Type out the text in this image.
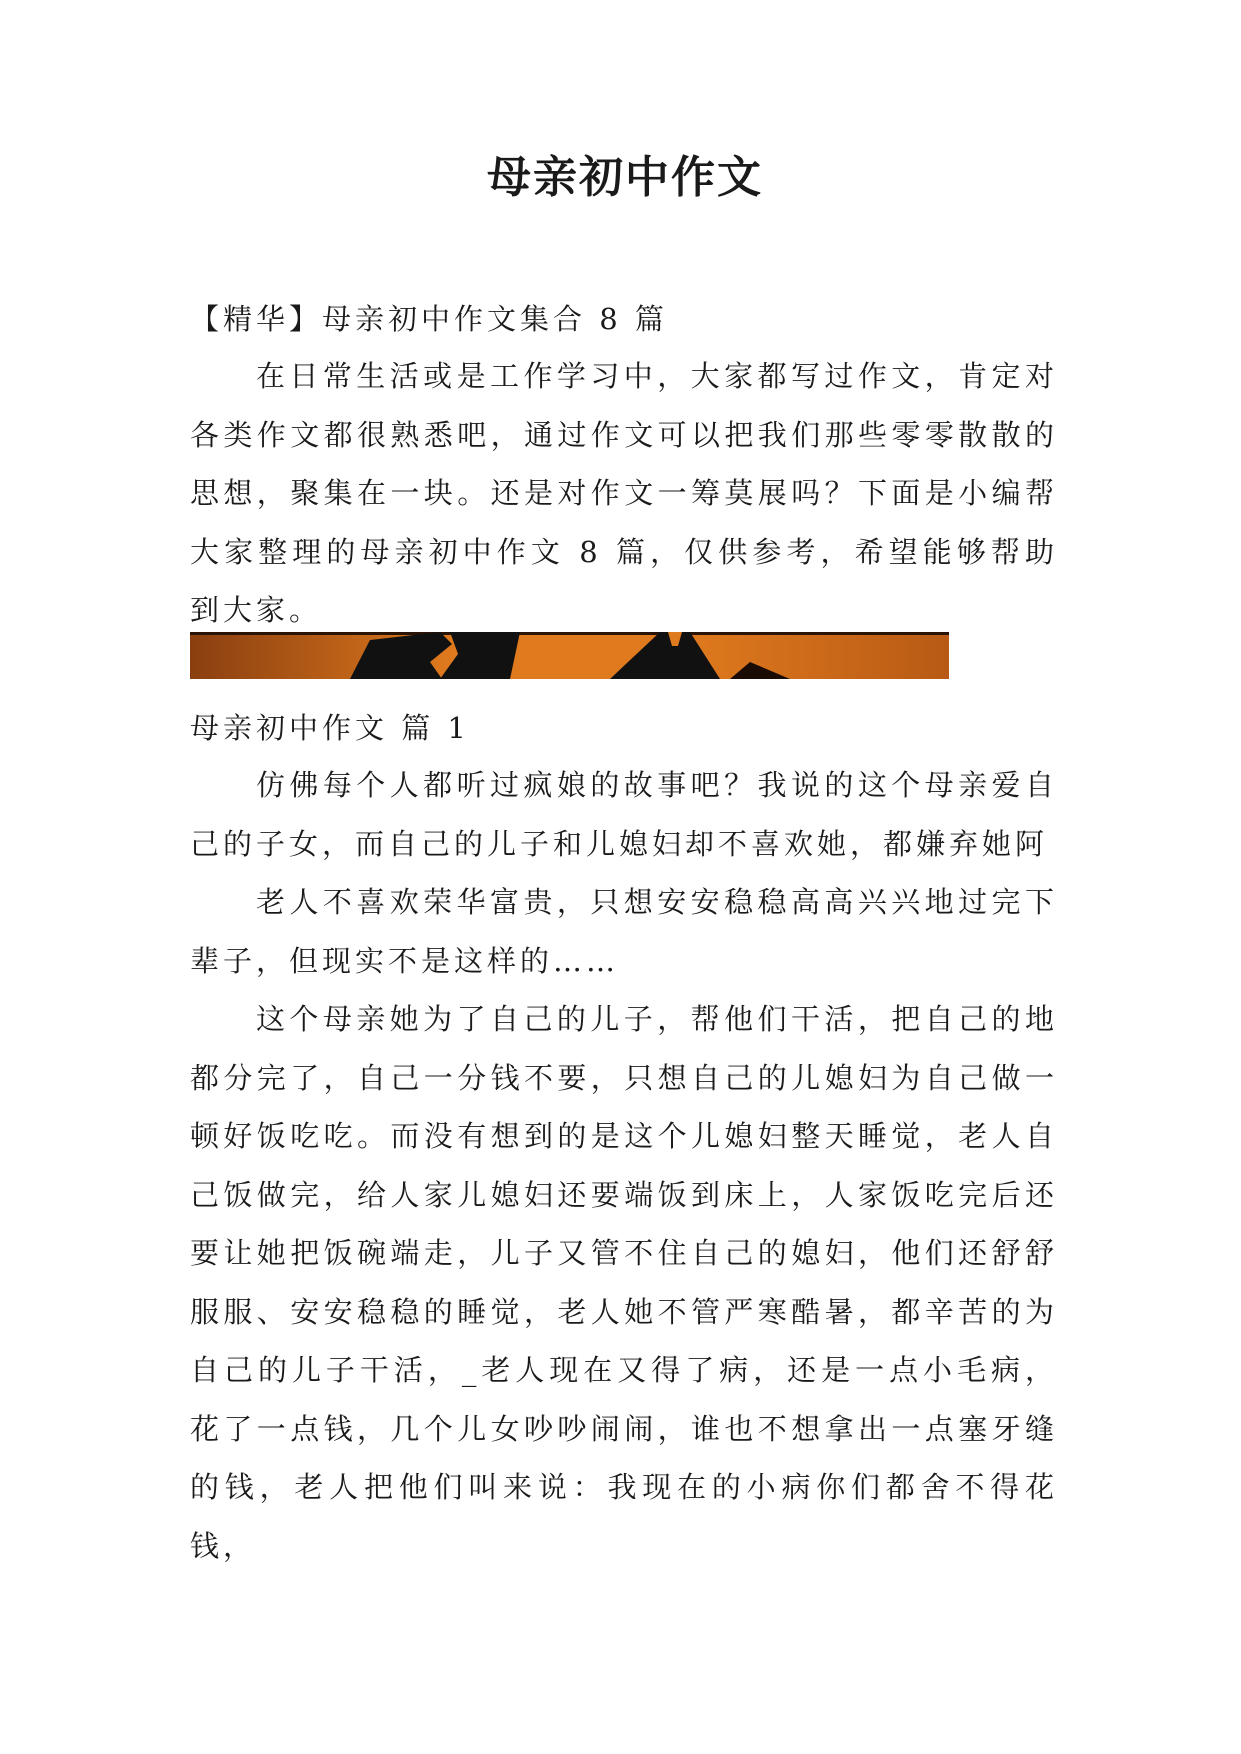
母亲初中作文
【精华】母亲初中作文集合 8 篇

在日常生活或是工作学习中，大家都写过作文，肯定对各类作文都很熟悉吧，通过作文可以把我们那些零零散散的思想，聚集在一块。还是对作文一筹莫展吗？下面是小编帮大家整理的母亲初中作文 8 篇，仅供参考，希望能够帮助到大家。

母亲初中作文 篇 1

仿佛每个人都听过疯娘的故事吧？我说的这个母亲爱自己的子女，而自己的儿子和儿媳妇却不喜欢她，都嫌弃她阿

老人不喜欢荣华富贵，只想安安稳稳高高兴兴地过完下辈子，但现实不是这样的……

这个母亲她为了自己的儿子，帮他们干活，把自己的地都分完了，自己一分钱不要，只想自己的儿媳妇为自己做一顿好饭吃吃。而没有想到的是这个儿媳妇整天睡觉，老人自己饭做完，给人家儿媳妇还要端饭到床上，人家饭吃完后还要让她把饭碗端走，儿子又管不住自己的媳妇，他们还舒舒服服、安安稳稳的睡觉，老人她不管严寒酷暑，都辛苦的为自己的儿子干活，_老人现在又得了病，还是一点小毛病，花了一点钱，几个儿女吵吵闹闹，谁也不想拿出一点塞牙缝的钱，老人把他们叫来说：我现在的小病你们都舍不得花钱，
